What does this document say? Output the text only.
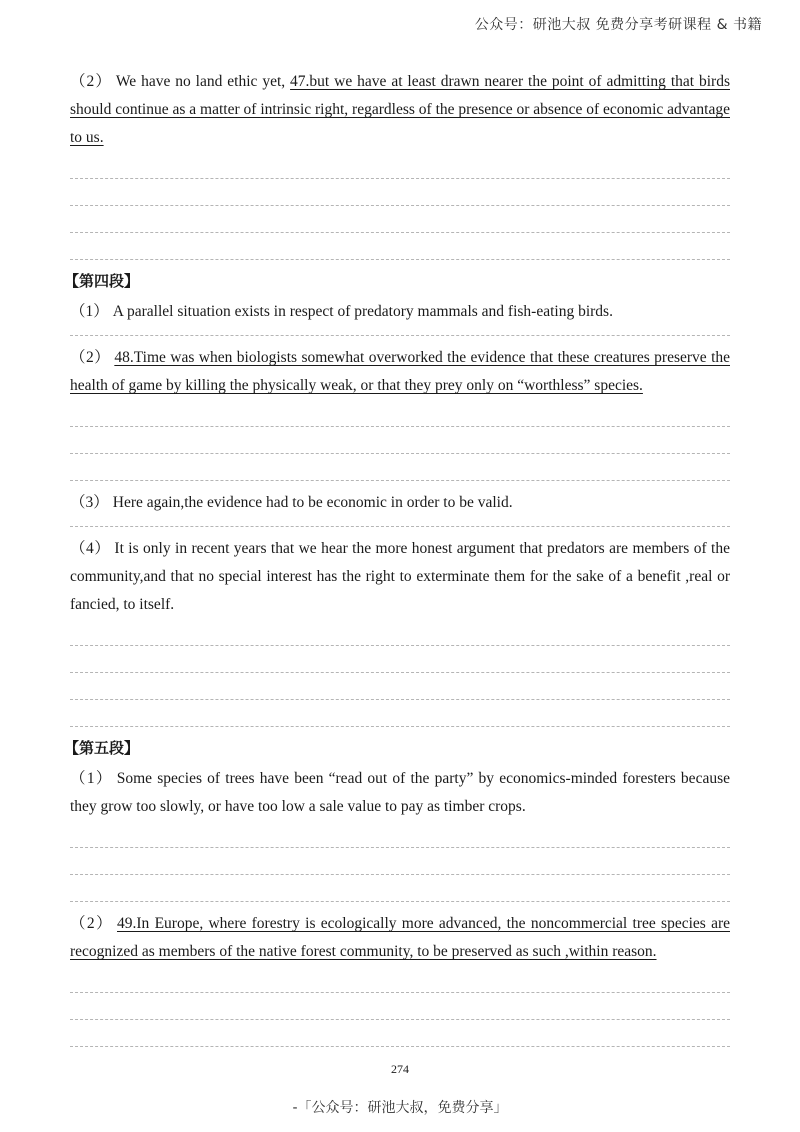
公众号：研池大叔 免费分享考研课程 & 书籍

（2） We have no land ethic yet, 47.but we have at least drawn nearer the point of admitting that birds should continue as a matter of intrinsic right, regardless of the presence or absence of economic advantage to us.

【第四段】

（1） A parallel situation exists in respect of predatory mammals and fish-eating birds.

（2） 48.Time was when biologists somewhat overworked the evidence that these creatures preserve the health of game by killing the physically weak, or that they prey only on “worthless” species.

（3） Here again,the evidence had to be economic in order to be valid.

（4） It is only in recent years that we hear the more honest argument that predators are members of the community,and that no special interest has the right to exterminate them for the sake of a benefit ,real or fancied, to itself.

【第五段】

（1） Some species of trees have been “read out of the party” by economics-minded foresters because they grow too slowly, or have too low a sale value to pay as timber crops.

（2） 49.In Europe, where forestry is ecologically more advanced, the noncommercial tree species are recognized as members of the native forest community, to be preserved as such ,within reason.

274
-「公众号：研池大叔，免费分享」
